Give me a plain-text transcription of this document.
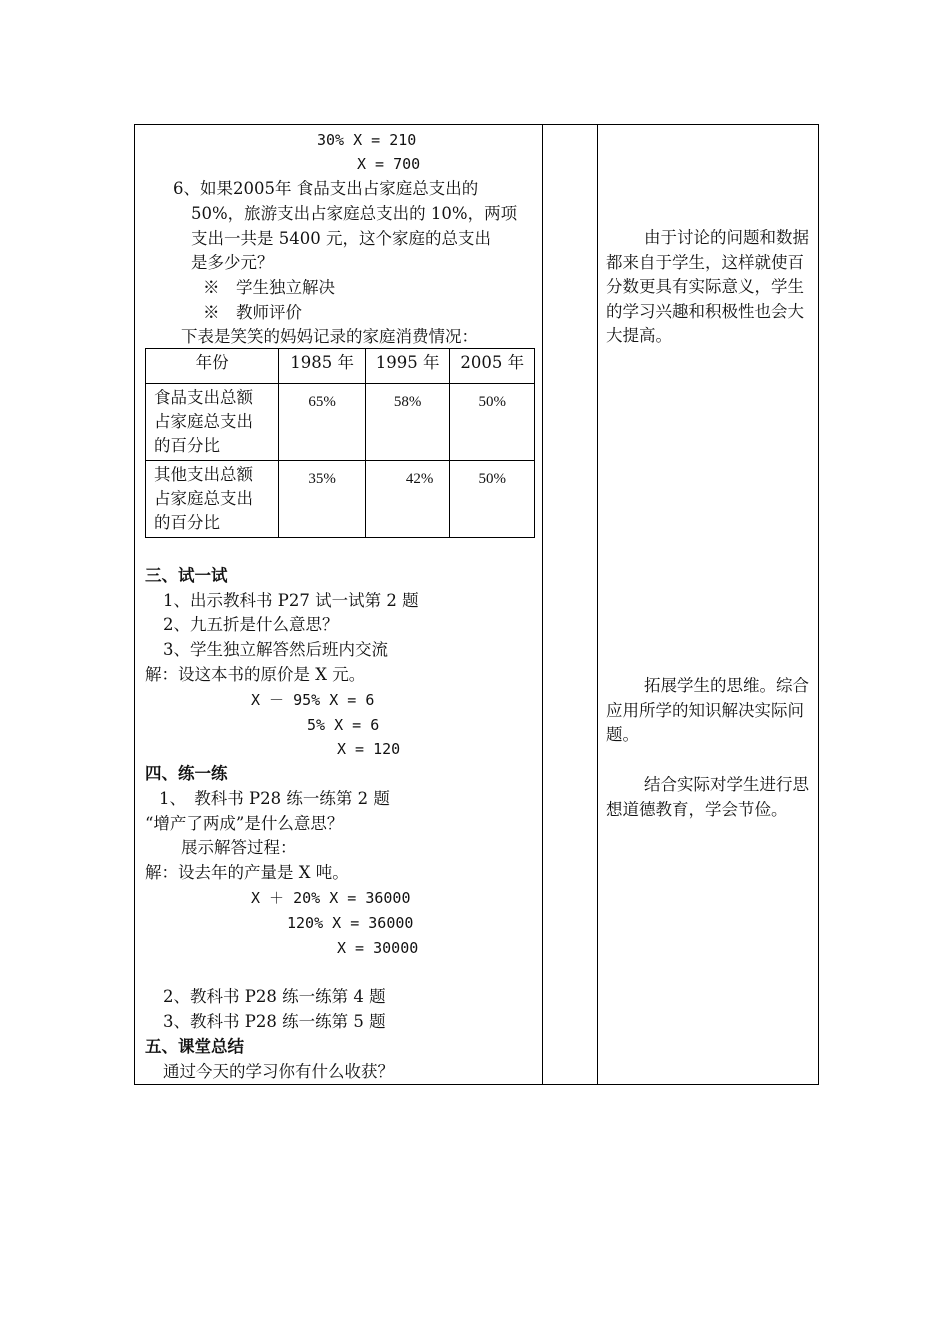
30% X = 210
X = 700
6、如果2005年 食品支出占家庭总支出的
50%，旅游支出占家庭总支出的 10%，两项
支出一共是 5400 元，这个家庭的总支出
是多少元？
※　学生独立解决
※　教师评价
下表是笑笑的妈妈记录的家庭消费情况：
年份	1985 年	1995 年	2005 年

食品支出总额
占家庭总支出
的百分比	65%	58%	50%

其他支出总额
占家庭总支出
的百分比	35%	42%	50%
三、试一试
1、出示教科书 P27 试一试第 2 题
2、九五折是什么意思？
3、学生独立解答然后班内交流
解：设这本书的原价是 X 元。
X － 95% X = 6
5% X = 6
X = 120
四、练一练
1、　教科书 P28 练一练第 2 题
“增产了两成”是什么意思？
展示解答过程：
解：设去年的产量是 X 吨。
X ＋ 20% X = 36000
120% X = 36000
X = 30000
2、教科书 P28 练一练第 4 题
3、教科书 P28 练一练第 5 题
五、课堂总结
通过今天的学习你有什么收获？
由于讨论的问题和数据都来自于学生，这样就使百分数更具有实际意义，学生的学习兴趣和积极性也会大大提高。
拓展学生的思维。综合应用所学的知识解决实际问题。
结合实际对学生进行思想道德教育，学会节俭。
